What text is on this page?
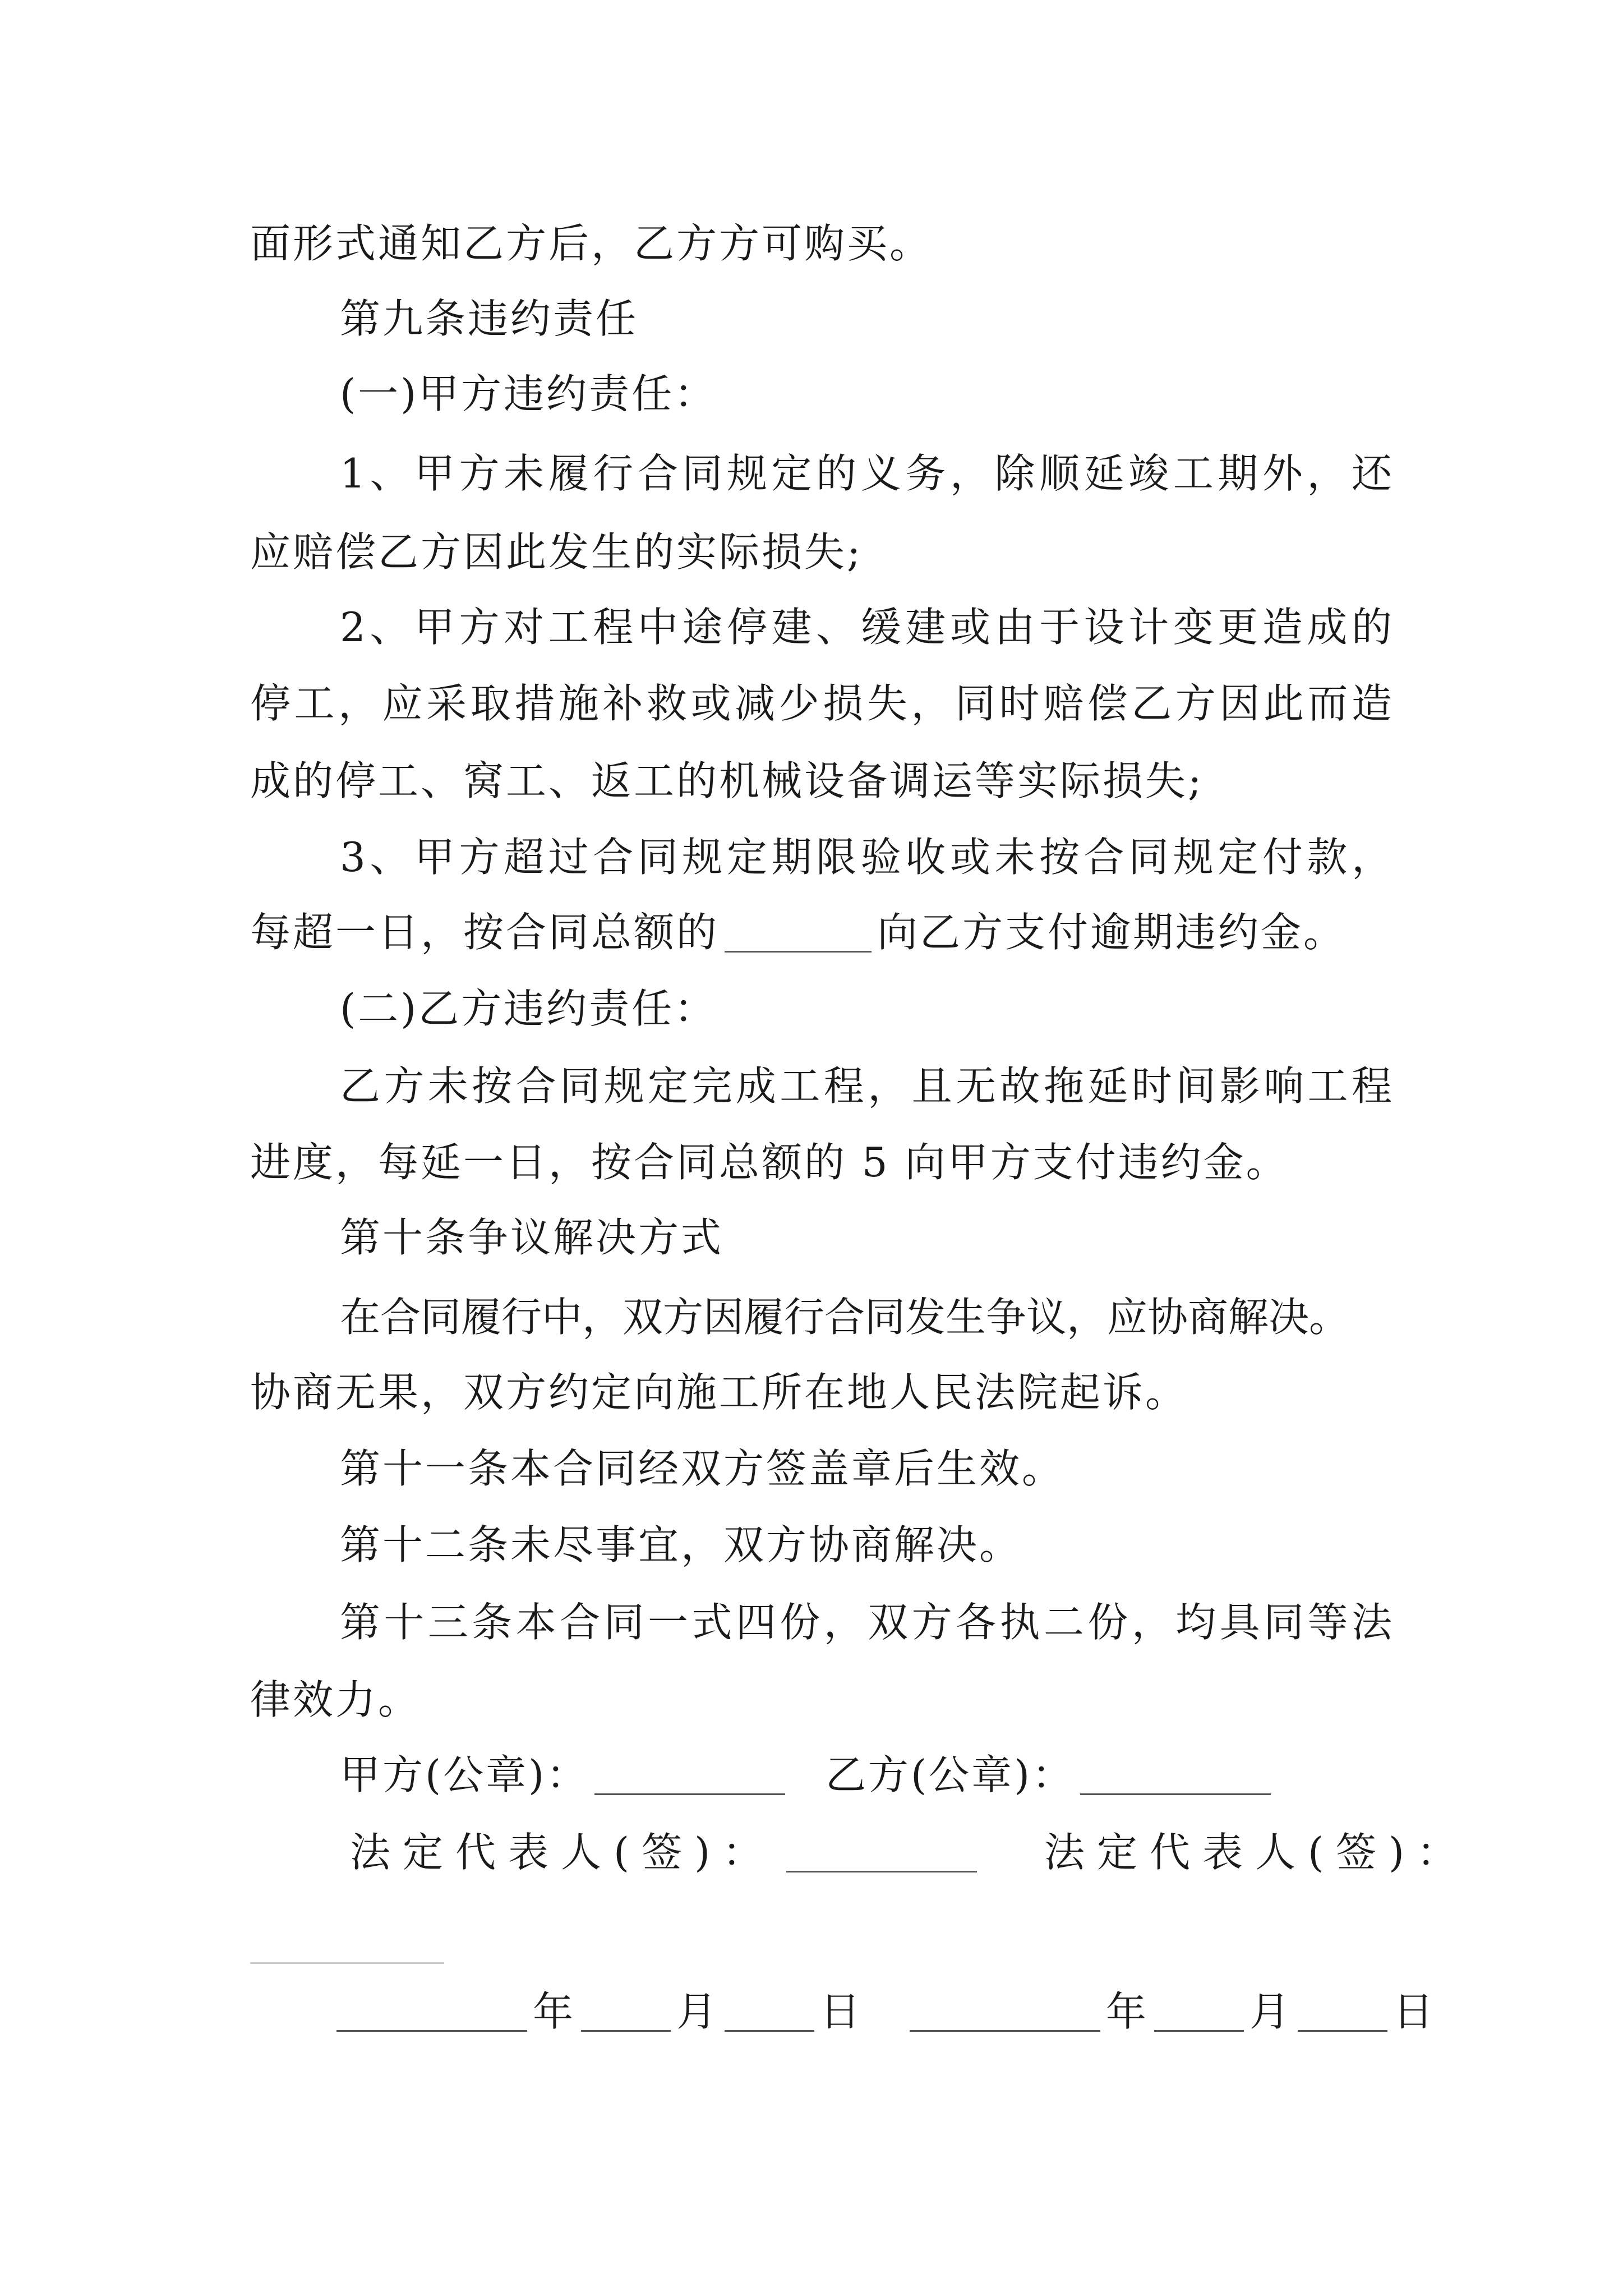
面形式通知乙方后，乙方方可购买。
第九条违约责任
(一)甲方违约责任：
1、甲方未履行合同规定的义务，除顺延竣工期外，还
应赔偿乙方因此发生的实际损失;
2、甲方对工程中途停建、缓建或由于设计变更造成的
停工，应采取措施补救或减少损失，同时赔偿乙方因此而造
成的停工、窝工、返工的机械设备调运等实际损失;
3、甲方超过合同规定期限验收或未按合同规定付款，
每超一日，按合同总额的	向乙方支付逾期违约金。
(二)乙方违约责任：
乙方未按合同规定完成工程，且无故拖延时间影响工程
进度，每延一日，按合同总额的 5 向甲方支付违约金。
第十条争议解决方式
在合同履行中，双方因履行合同发生争议，应协商解决。
协商无果，双方约定向施工所在地人民法院起诉。
第十一条本合同经双方签盖章后生效。
第十二条未尽事宜，双方协商解决。
第十三条本合同一式四份，双方各执二份，均具同等法
律效力。
甲方(公章)：	乙方(公章)：
法定代表人(签)：	法定代表人(签)：
年	月	日	年	月	日
